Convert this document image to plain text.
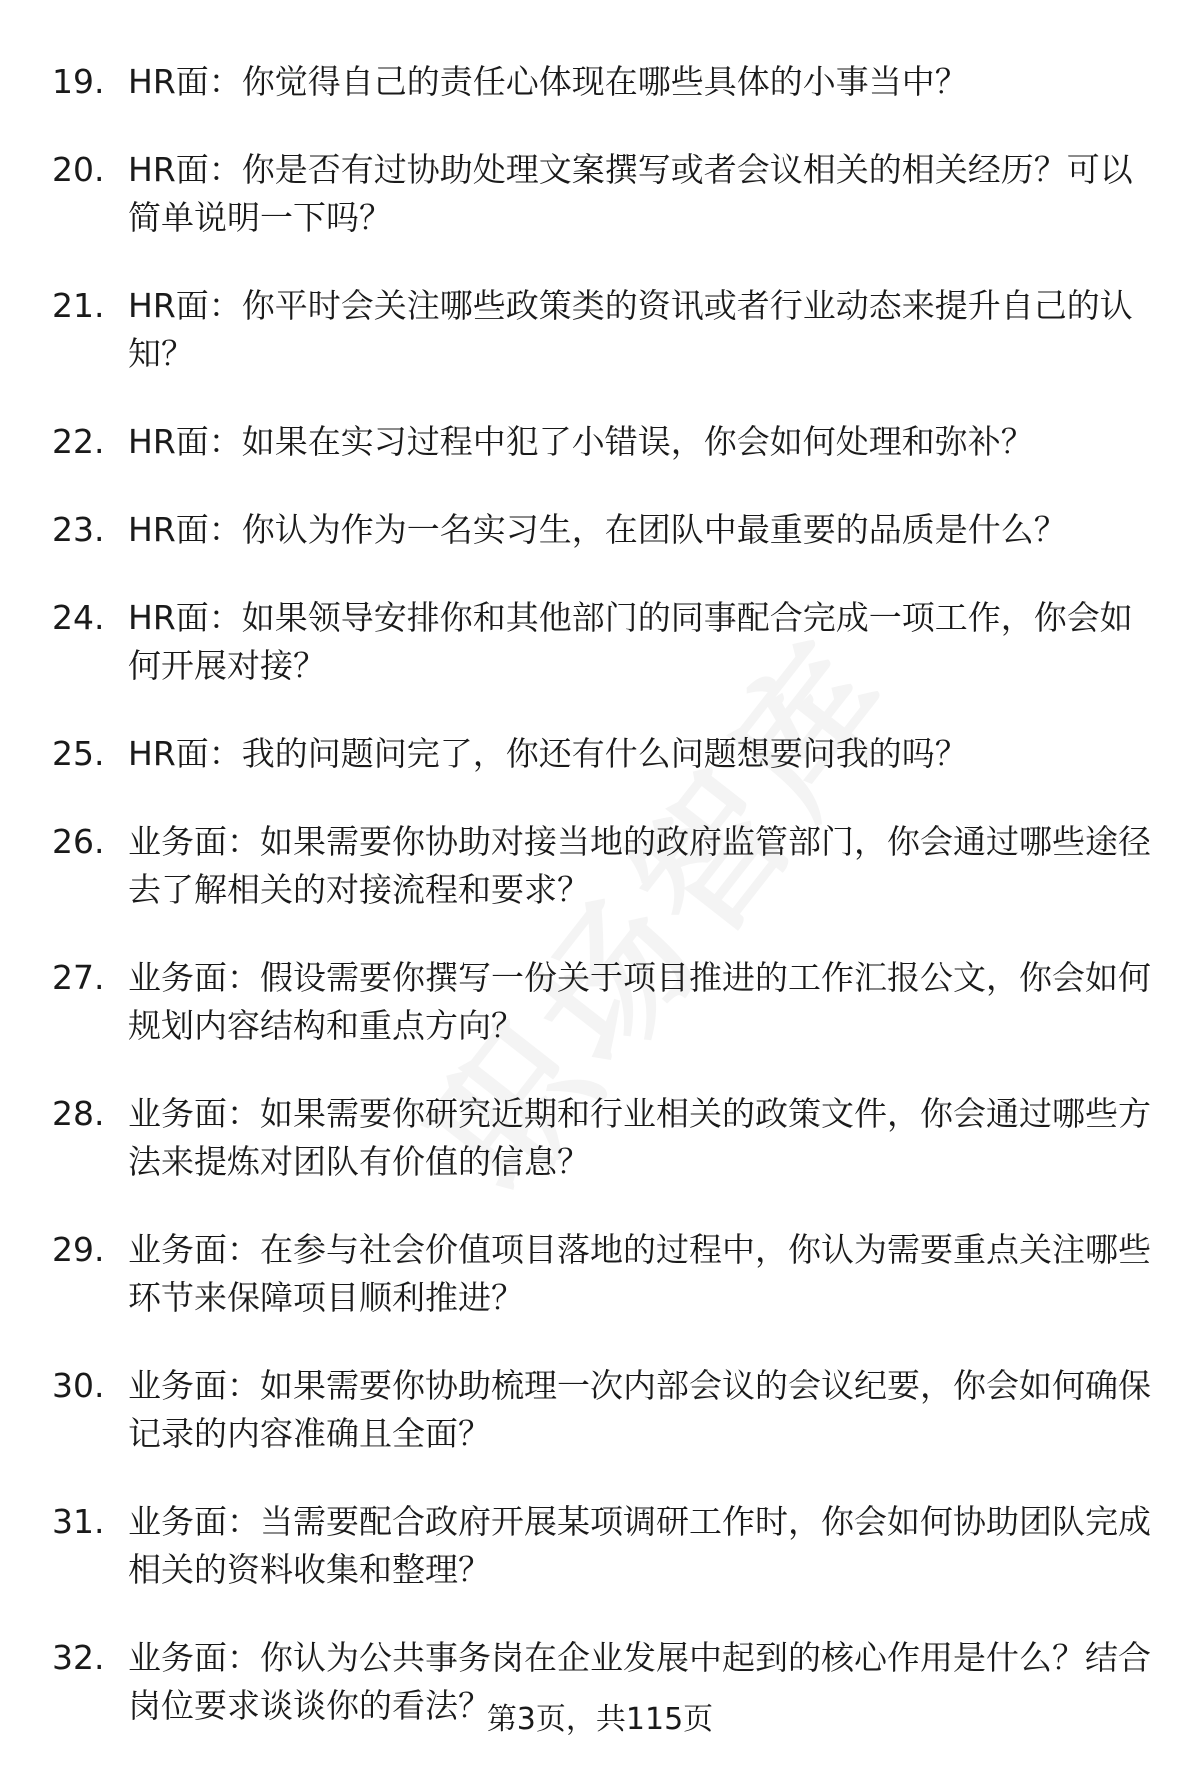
19. HR面：你觉得自己的责任心体现在哪些具体的小事当中？
20. HR面：你是否有过协助处理文案撰写或者会议相关的相关经历？可以简单说明一下吗？
21. HR面：你平时会关注哪些政策类的资讯或者行业动态来提升自己的认知？
22. HR面：如果在实习过程中犯了小错误，你会如何处理和弥补？
23. HR面：你认为作为一名实习生，在团队中最重要的品质是什么？
24. HR面：如果领导安排你和其他部门的同事配合完成一项工作，你会如何开展对接？
25. HR面：我的问题问完了，你还有什么问题想要问我的吗？
26. 业务面：如果需要你协助对接当地的政府监管部门，你会通过哪些途径去了解相关的对接流程和要求？
27. 业务面：假设需要你撰写一份关于项目推进的工作汇报公文，你会如何规划内容结构和重点方向？
28. 业务面：如果需要你研究近期和行业相关的政策文件，你会通过哪些方法来提炼对团队有价值的信息？
29. 业务面：在参与社会价值项目落地的过程中，你认为需要重点关注哪些环节来保障项目顺利推进？
30. 业务面：如果需要你协助梳理一次内部会议的会议纪要，你会如何确保记录的内容准确且全面？
31. 业务面：当需要配合政府开展某项调研工作时，你会如何协助团队完成相关的资料收集和整理？
32. 业务面：你认为公共事务岗在企业发展中起到的核心作用是什么？结合岗位要求谈谈你的看法？
第3页，共115页
